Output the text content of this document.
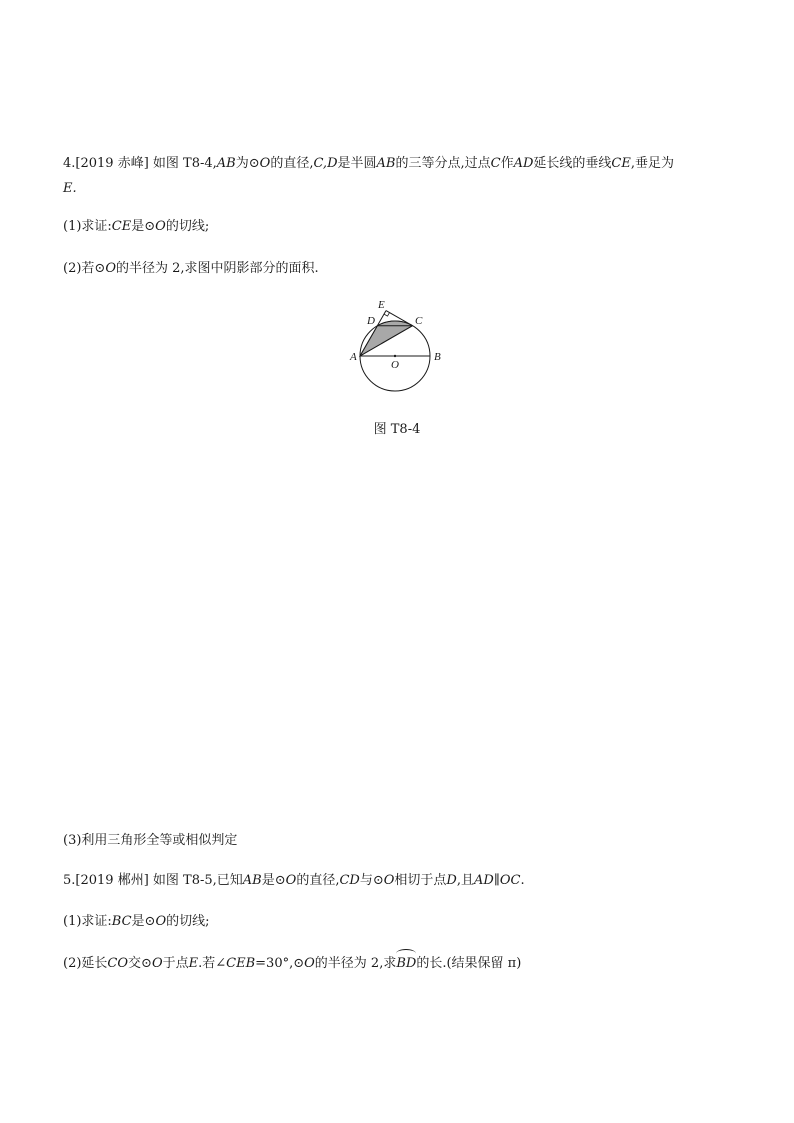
4.[2019 赤峰] 如图 T8-4,AB为⊙O的直径,C,D是半圆AB的三等分点,过点C作AD延长线的垂线CE,垂足为
E.
(1)求证:CE是⊙O的切线;
(2)若⊙O的半径为 2,求图中阴影部分的面积.
E
D	C
A	B
O
图 T8-4
(3)利用三角形全等或相似判定
5.[2019 郴州] 如图 T8-5,已知AB是⊙O的直径,CD与⊙O相切于点D,且AD∥OC.
(1)求证:BC是⊙O的切线;
(2)延长CO交⊙O于点E.若∠CEB=30°,⊙O的半径为 2,求
BD的长.(结果保留 π)
